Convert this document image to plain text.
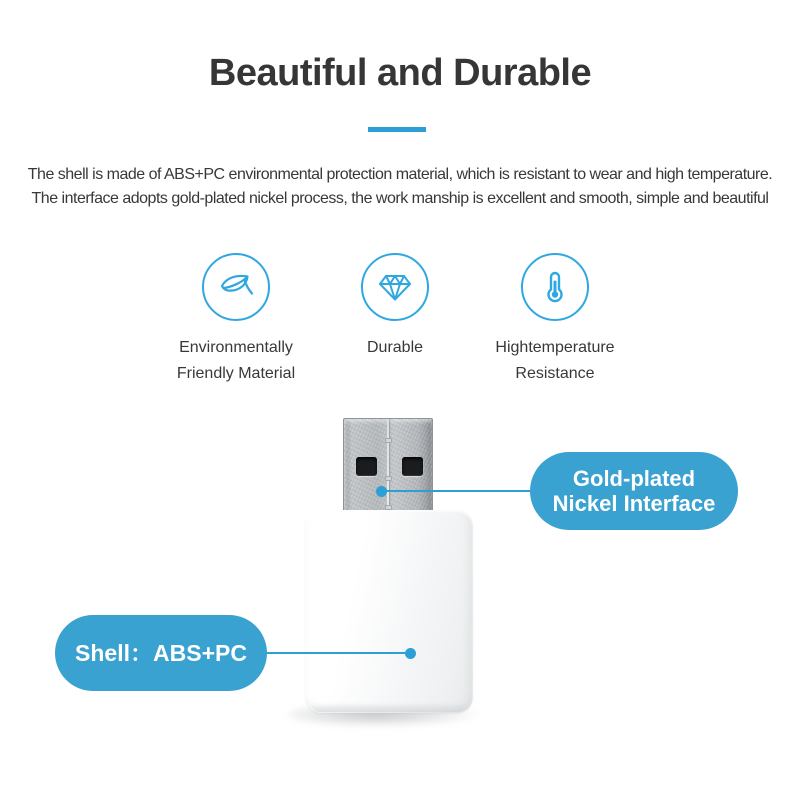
Beautiful and Durable

The shell is made of ABS+PC environmental protection material, which is resistant to wear and high temperature.
The interface adopts gold-plated nickel process, the work manship is excellent and smooth, simple and beautiful

Environmentally
Friendly Material
Durable	Hightemperature
Resistance
Gold-plated
Nickel Interface
Shell：ABS+PC
